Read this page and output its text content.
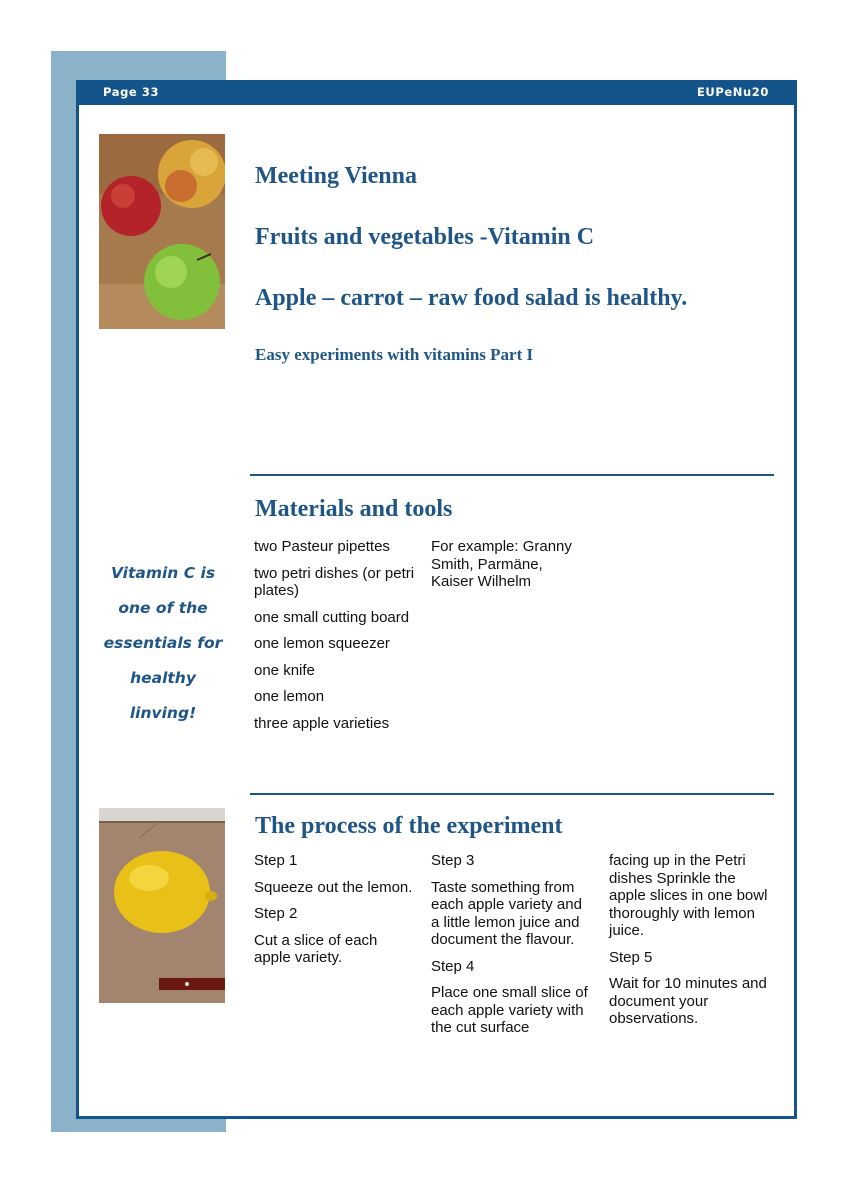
Page 33	EUPeNu20
Meeting Vienna
Fruits and vegetables -Vitamin C
Apple – carrot – raw food salad is healthy.
Easy experiments with vitamins Part I
Materials and tools
Vitamin C is
one of the
essentials for
healthy
linving!

two Pasteur pipettes

two petri dishes (or petri plates)

one small cutting board

one lemon squeezer

one knife

one lemon

three apple varieties

For example: Granny Smith, Parmäne, Kaiser Wilhelm

The process of the experiment

Step 1

Squeeze out the lemon.

Step 2

Cut a slice of each apple variety.

Step 3

Taste something from each apple variety and a little lemon juice and document the flavour.

Step 4

Place one small slice of each apple variety with the cut surface

facing up in the Petri dishes Sprinkle the apple slices in one bowl thoroughly with lemon juice.

Step 5

Wait for 10 minutes and document your observations.
